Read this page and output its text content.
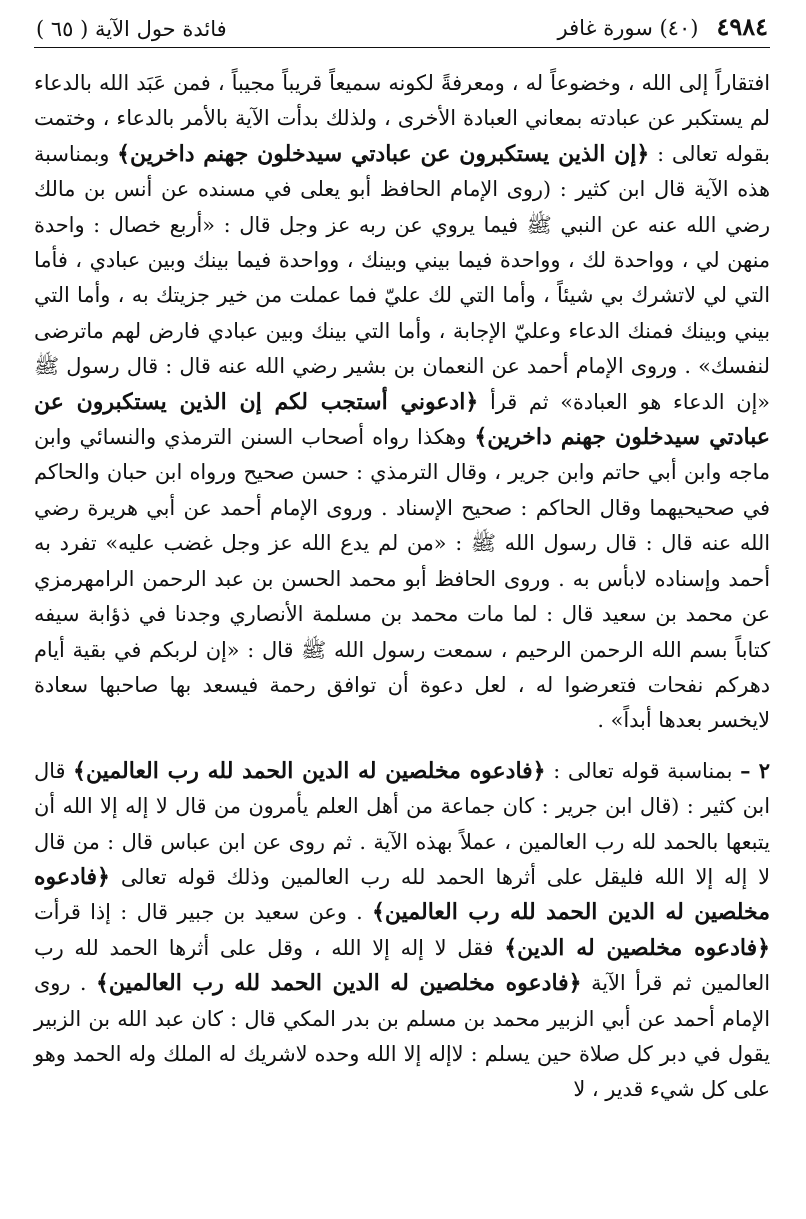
فائدة حول الآية ( ٦٥ )	٤٩٨٤
(٤٠) سورة غافر

افتقاراً إلى الله ، وخضوعاً له ، ومعرفةً لكونه سميعاً قريباً مجيباً ، فمن عَبَد الله بالدعاء لم يستكبر عن عبادته بمعاني العبادة الأخرى ، ولذلك بدأت الآية بالأمر بالدعاء ، وختمت بقوله تعالى : ﴿إن الذين يستكبرون عن عبادتي سيدخلون جهنم داخرين﴾ وبمناسبة هذه الآية قال ابن كثير : (روى الإمام الحافظ أبو يعلى في مسنده عن أنس بن مالك رضي الله عنه عن النبي ﷺ فيما يروي عن ربه عز وجل قال : «أربع خصال : واحدة منهن لي ، وواحدة لك ، وواحدة فيما بيني وبينك ، وواحدة فيما بينك وبين عبادي ، فأما التي لي لاتشرك بي شيئاً ، وأما التي لك عليّ فما عملت من خير جزيتك به ، وأما التي بيني وبينك فمنك الدعاء وعليّ الإجابة ، وأما التي بينك وبين عبادي فارض لهم ماترضى لنفسك» . وروى الإمام أحمد عن النعمان بن بشير رضي الله عنه قال : قال رسول ﷺ «إن الدعاء هو العبادة» ثم قرأ ﴿ادعوني أستجب لكم إن الذين يستكبرون عن عبادتي سيدخلون جهنم داخرين﴾ وهكذا رواه أصحاب السنن الترمذي والنسائي وابن ماجه وابن أبي حاتم وابن جرير ، وقال الترمذي : حسن صحيح ورواه ابن حبان والحاكم في صحيحيهما وقال الحاكم : صحيح الإسناد . وروى الإمام أحمد عن أبي هريرة رضي الله عنه قال : قال رسول الله ﷺ : «من لم يدع الله عز وجل غضب عليه» تفرد به أحمد وإسناده لابأس به . وروى الحافظ أبو محمد الحسن بن عبد الرحمن الرامهرمزي عن محمد بن سعيد قال : لما مات محمد بن مسلمة الأنصاري وجدنا في ذؤابة سيفه كتاباً بسم الله الرحمن الرحيم ، سمعت رسول الله ﷺ قال : «إن لربكم في بقية أيام دهركم نفحات فتعرضوا له ، لعل دعوة أن توافق رحمة فيسعد بها صاحبها سعادة لايخسر بعدها أبداً» .

٢ – بمناسبة قوله تعالى : ﴿فادعوه مخلصين له الدين الحمد لله رب العالمين﴾ قال ابن كثير : (قال ابن جرير : كان جماعة من أهل العلم يأمرون من قال لا إله إلا الله أن يتبعها بالحمد لله رب العالمين ، عملاً بهذه الآية . ثم روى عن ابن عباس قال : من قال لا إله إلا الله فليقل على أثرها الحمد لله رب العالمين وذلك قوله تعالى ﴿فادعوه مخلصين له الدين الحمد لله رب العالمين﴾ . وعن سعيد بن جبير قال : إذا قرأت ﴿فادعوه مخلصين له الدين﴾ فقل لا إله إلا الله ، وقل على أثرها الحمد لله رب العالمين ثم قرأ الآية ﴿فادعوه مخلصين له الدين الحمد لله رب العالمين﴾ . روى الإمام أحمد عن أبي الزبير محمد بن مسلم بن بدر المكي قال : كان عبد الله بن الزبير يقول في دبر كل صلاة حين يسلم : لاإله إلا الله وحده لاشريك له الملك وله الحمد وهو على كل شيء قدير ، لا
